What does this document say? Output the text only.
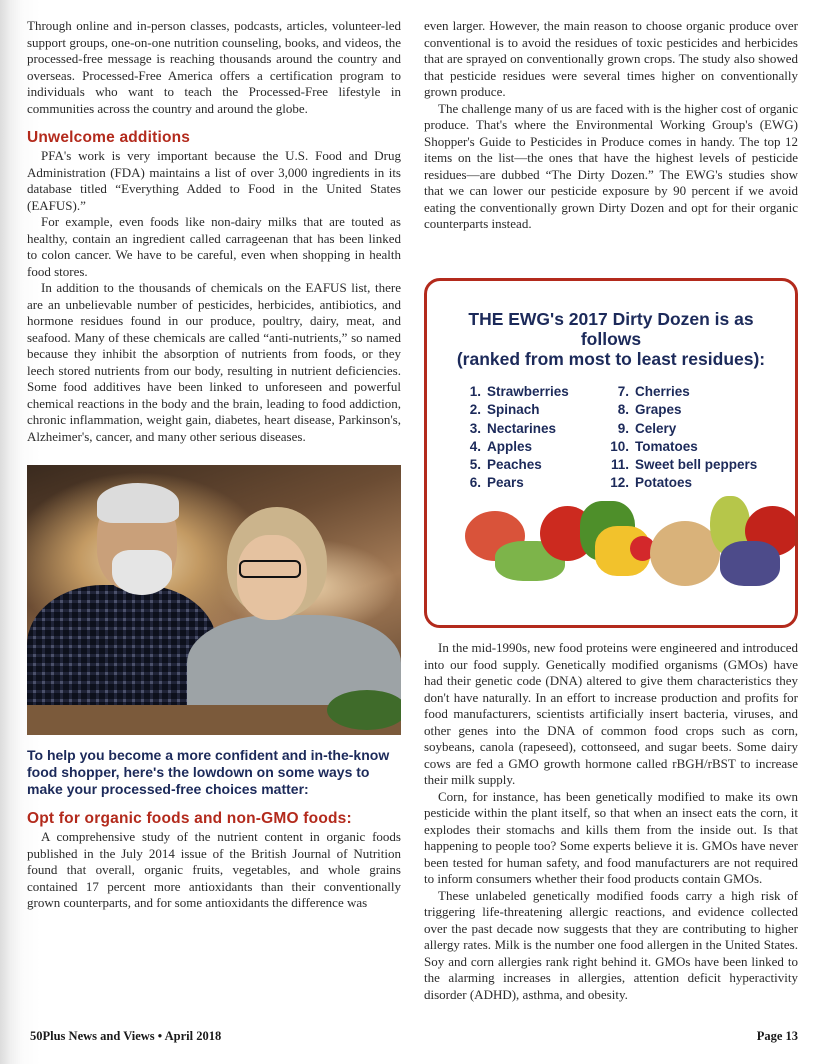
Through online and in-person classes, podcasts, articles, volunteer-led support groups, one-on-one nutrition counseling, books, and videos, the processed-free message is reaching thousands around the country and overseas. Processed-Free America offers a certification program to individuals who want to teach the Processed-Free lifestyle in communities across the country and around the globe.

Unwelcome additions

PFA's work is very important because the U.S. Food and Drug Administration (FDA) maintains a list of over 3,000 ingredients in its database titled “Everything Added to Food in the United States (EAFUS).”

For example, even foods like non-dairy milks that are touted as healthy, contain an ingredient called carrageenan that has been linked to colon cancer. We have to be careful, even when shopping in health food stores.

In addition to the thousands of chemicals on the EAFUS list, there are an unbelievable number of pesticides, herbicides, antibiotics, and hormone residues found in our produce, poultry, dairy, meat, and seafood. Many of these chemicals are called “anti-nutrients,” so named because they inhibit the absorption of nutrients from foods, or they leech stored nutrients from our body, resulting in nutrient deficiencies. Some food additives have been linked to unforeseen and powerful chemical reactions in the body and the brain, leading to food addiction, chronic inflammation, weight gain, diabetes, heart disease, Parkinson's, Alzheimer's, cancer, and many other serious diseases.

To help you become a more confident and in-the-know food shopper, here's the lowdown on some ways to make your processed-free choices matter:
Opt for organic foods and non-GMO foods:

A comprehensive study of the nutrient content in organic foods published in the July 2014 issue of the British Journal of Nutrition found that overall, organic fruits, vegetables, and whole grains contained 17 percent more antioxidants than their conventionally grown counterparts, and for some antioxidants the difference was

even larger. However, the main reason to choose organic produce over conventional is to avoid the residues of toxic pesticides and herbicides that are sprayed on conventionally grown crops. The study also showed that pesticide residues were several times higher on conventionally grown produce.

The challenge many of us are faced with is the higher cost of organic produce. That's where the Environmental Working Group's (EWG) Shopper's Guide to Pesticides in Produce comes in handy. The top 12 items on the list—the ones that have the highest levels of pesticide residues—are dubbed “The Dirty Dozen.” The EWG's studies show that we can lower our pesticide exposure by 90 percent if we avoid eating the conventionally grown Dirty Dozen and opt for their organic counterparts instead.

THE EWG's 2017 Dirty Dozen is as follows
(ranked from most to least residues):
1. Strawberries
2. Spinach
3. Nectarines
4. Apples
5. Peaches
6. Pears
7. Cherries
8. Grapes
9. Celery
10. Tomatoes
11. Sweet bell peppers
12. Potatoes

In the mid-1990s, new food proteins were engineered and introduced into our food supply. Genetically modified organisms (GMOs) have had their genetic code (DNA) altered to give them characteristics they don't have naturally. In an effort to increase production and profits for food manufacturers, scientists artificially insert bacteria, viruses, and other genes into the DNA of common food crops such as corn, soybeans, canola (rapeseed), cottonseed, and sugar beets. Some dairy cows are fed a GMO growth hormone called rBGH/rBST to increase their milk supply.

Corn, for instance, has been genetically modified to make its own pesticide within the plant itself, so that when an insect eats the corn, it explodes their stomachs and kills them from the inside out. Is that happening to people too? Some experts believe it is. GMOs have never been tested for human safety, and food manufacturers are not required to inform consumers whether their food products contain GMOs.

These unlabeled genetically modified foods carry a high risk of triggering life-threatening allergic reactions, and evidence collected over the past decade now suggests that they are contributing to higher allergy rates. Milk is the number one food allergen in the United States. Soy and corn allergies rank right behind it. GMOs have been linked to the alarming increases in allergies, attention deficit hyperactivity disorder (ADHD), asthma, and obesity.

50Plus News and Views • April 2018	Page 13
